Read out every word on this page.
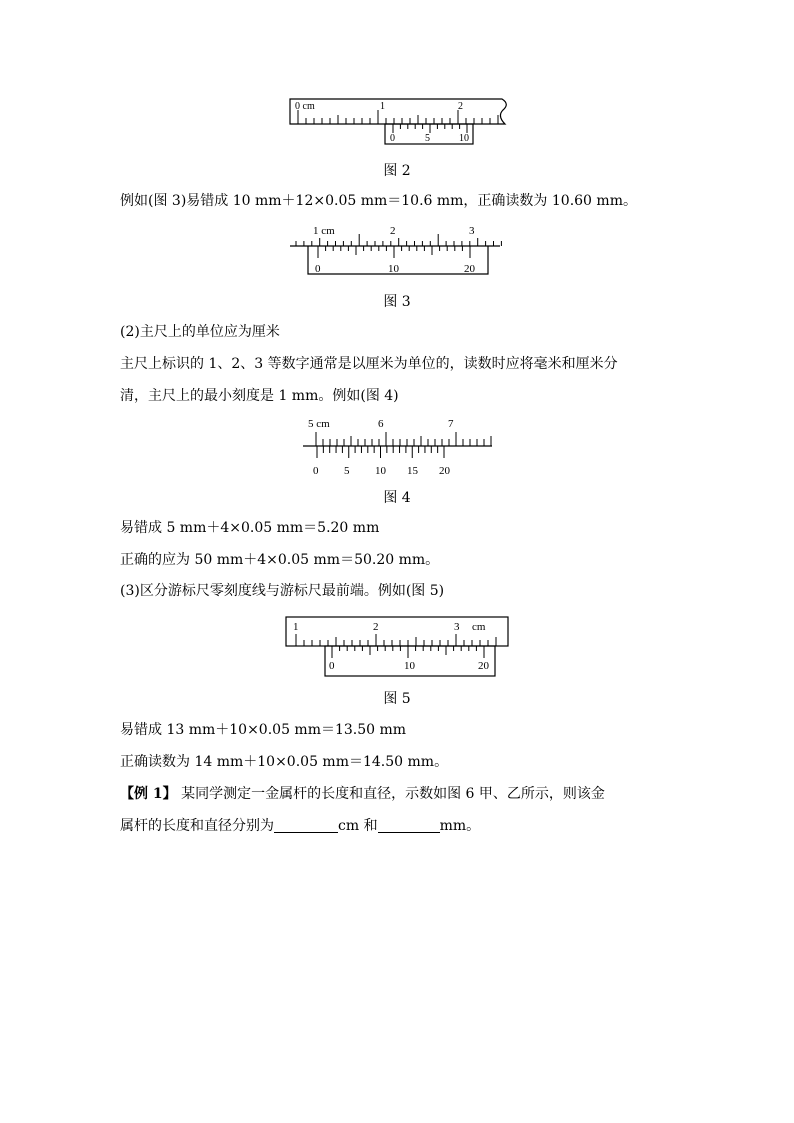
0 cm	1	2
0	5	10
图 2
例如(图 3)易错成 10 mm＋12×0.05 mm＝10.6 mm，正确读数为 10.60 mm。
1 cm	2	3
0	10	20
图 3
(2)主尺上的单位应为厘米
主尺上标识的 1、2、3 等数字通常是以厘米为单位的，读数时应将毫米和厘米分
清，主尺上的最小刻度是 1 mm。例如(图 4)
5 cm	6	7
0 5 10 15 20
图 4
易错成 5 mm＋4×0.05 mm＝5.20 mm
正确的应为 50 mm＋4×0.05 mm＝50.20 mm。
(3)区分游标尺零刻度线与游标尺最前端。例如(图 5)
1	2	3 cm
0	10	20
图 5
易错成 13 mm＋10×0.05 mm＝13.50 mm
正确读数为 14 mm＋10×0.05 mm＝14.50 mm。
【例 1】 某同学测定一金属杆的长度和直径，示数如图 6 甲、乙所示，则该金
属杆的长度和直径分别为	cm 和	mm。
